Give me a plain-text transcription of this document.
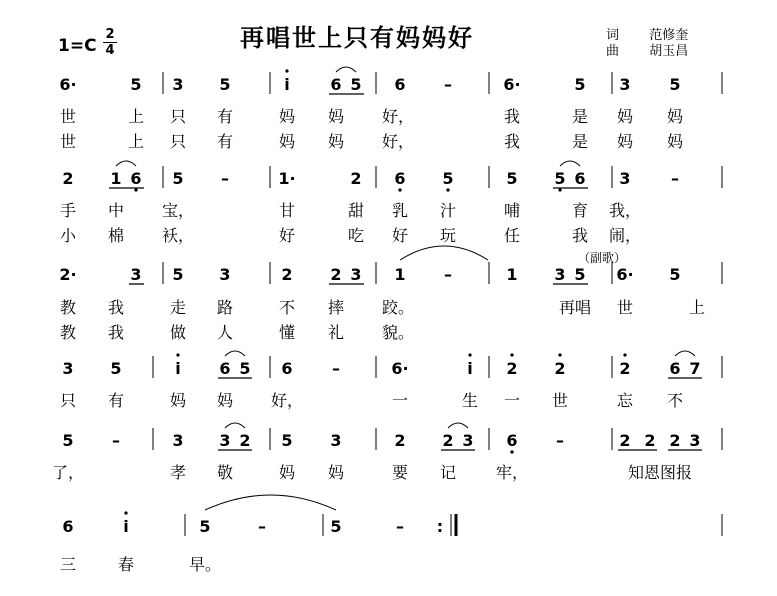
再唱世上只有妈妈好
1=C
2
4
词 范修奎
曲 胡玉昌
（副歌）
6·	5 3 5	i	6 5 6 –	6·	5 3 5
世	上 只 有	妈 妈 好，	我	是 妈 妈
世	上 只 有	妈 妈 好，	我	是 妈 妈
2 1 6 5 –	1·	2 6 5	5 5 6 3	–
手 中 宝，	甘	甜 乳 汁	哺	育 我，
小 棉 袄，	好	吃 好 玩	任	我 闹，
2·	3 5 3	2 2 3 1 –	1 3 5 6· 5
教 我	走 路	不 摔 跤。	再唱 世	上
教 我	做 人	懂 礼 貌。
3 5	i 6 5 6 –	6·	i 2 2	2 6 7
只 有	妈 妈 好，	一	生 一 世	忘 不
5 –	3 3 2 5 3	2 2 3 6 –	2 2 2 3
了，	孝 敬	妈 妈	要 记 牢，	知恩图报
6	i	5	–	5	– :
三	春	早。
